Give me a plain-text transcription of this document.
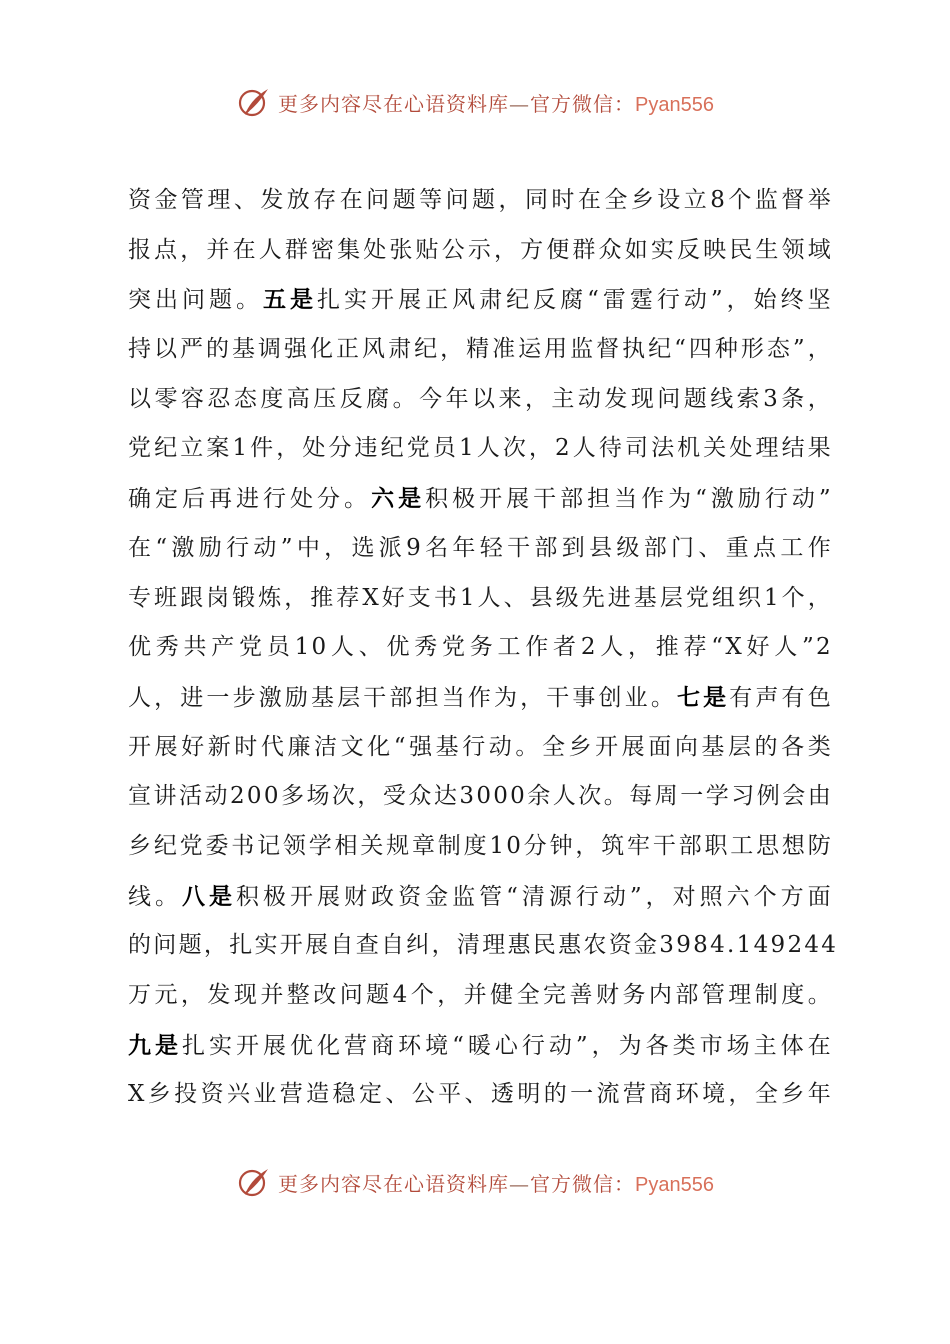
更多内容尽在心语资料库—官方微信：Pyan556
资金管理、发放存在问题等问题，同时在全乡设立8个监督举
报点，并在人群密集处张贴公示，方便群众如实反映民生领域
突出问题。五是扎实开展正风肃纪反腐“雷霆行动”，始终坚
持以严的基调强化正风肃纪，精准运用监督执纪“四种形态”，
以零容忍态度高压反腐。今年以来，主动发现问题线索3条，
党纪立案1件，处分违纪党员1人次，2人待司法机关处理结果
确定后再进行处分。六是积极开展干部担当作为“激励行动”
在“激励行动”中，选派9名年轻干部到县级部门、重点工作
专班跟岗锻炼，推荐X好支书1人、县级先进基层党组织1个，
优秀共产党员10人、优秀党务工作者2人，推荐“X好人”2
人，进一步激励基层干部担当作为，干事创业。七是有声有色
开展好新时代廉洁文化“强基行动。全乡开展面向基层的各类
宣讲活动200多场次，受众达3000余人次。每周一学习例会由
乡纪党委书记领学相关规章制度10分钟，筑牢干部职工思想防
线。八是积极开展财政资金监管“清源行动”，对照六个方面
的问题，扎实开展自查自纠，清理惠民惠农资金3984.149244
万元，发现并整改问题4个，并健全完善财务内部管理制度。
九是扎实开展优化营商环境“暖心行动”，为各类市场主体在
X乡投资兴业营造稳定、公平、透明的一流营商环境，全乡年
更多内容尽在心语资料库—官方微信：Pyan556
